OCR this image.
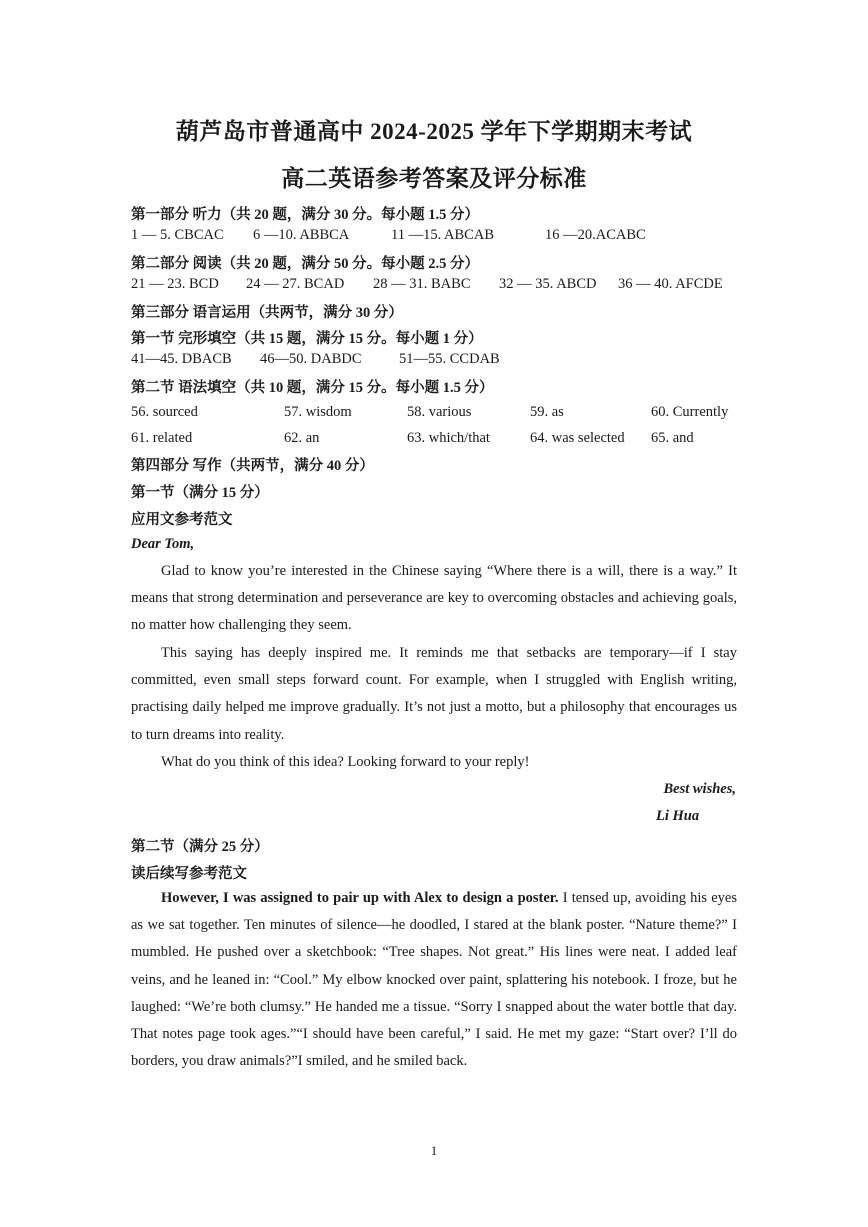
葫芦岛市普通高中 2024-2025 学年下学期期末考试
高二英语参考答案及评分标准
第一部分 听力（共 20 题，满分 30 分。每小题 1.5 分）
1 — 5. CBCAC 6 —10. ABBCA	11 —15. ABCAB	16 —20.ACABC
第二部分 阅读（共 20 题，满分 50 分。每小题 2.5 分）
21 — 23. BCD 24 — 27. BCAD 28 — 31. BABC 32 — 35. ABCD 36 — 40. AFCDE
第三部分 语言运用（共两节，满分 30 分）
第一节 完形填空（共 15 题，满分 15 分。每小题 1 分）
41—45. DBACB 46—50. DABDC	51—55. CCDAB
第二节 语法填空（共 10 题，满分 15 分。每小题 1.5 分）
56. sourced	57. wisdom	58. various	59. as	60. Currently
61. related	62. an	63. which/that	64. was selected 65. and
第四部分 写作（共两节，满分 40 分）
第一节（满分 15 分）
应用文参考范文
Dear Tom,
Glad to know you’re interested in the Chinese saying “Where there is a will, there is a way.” It means that strong determination and perseverance are key to overcoming obstacles and achieving goals, no matter how challenging they seem.
This saying has deeply inspired me. It reminds me that setbacks are temporary—if I stay committed, even small steps forward count. For example, when I struggled with English writing, practising daily helped me improve gradually. It’s not just a motto, but a philosophy that encourages us to turn dreams into reality.
What do you think of this idea? Looking forward to your reply!
Best wishes,
Li Hua
第二节（满分 25 分）
读后续写参考范文
However, I was assigned to pair up with Alex to design a poster. I tensed up, avoiding his eyes as we sat together. Ten minutes of silence—he doodled, I stared at the blank poster. “Nature theme?” I mumbled. He pushed over a sketchbook: “Tree shapes. Not great.” His lines were neat. I added leaf veins, and he leaned in: “Cool.” My elbow knocked over paint, splattering his notebook. I froze, but he laughed: “We’re both clumsy.” He handed me a tissue. “Sorry I snapped about the water bottle that day. That notes page took ages.”“I should have been careful,” I said. He met my gaze: “Start over? I’ll do borders, you draw animals?”I smiled, and he smiled back.
1
